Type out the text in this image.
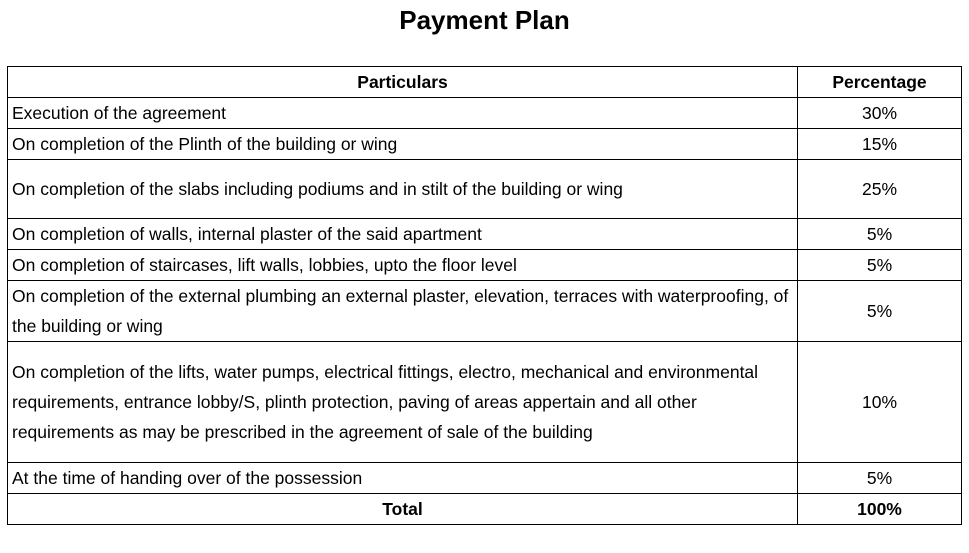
Payment Plan
Particulars	Percentage
Execution of the agreement	30%
On completion of the Plinth of the building or wing	15%
On completion of the slabs including podiums and in stilt of the building or wing	25%
On completion of walls, internal plaster of the said apartment	5%
On completion of staircases, lift walls, lobbies, upto the floor level	5%
On completion of the external plumbing an external plaster, elevation, terraces with waterproofing, of the building or wing	5%
On completion of the lifts, water pumps, electrical fittings, electro, mechanical and environmental requirements, entrance lobby/S, plinth protection, paving of areas appertain and all other requirements as may be prescribed in the agreement of sale of the building	10%
At the time of handing over of the possession	5%
Total	100%
